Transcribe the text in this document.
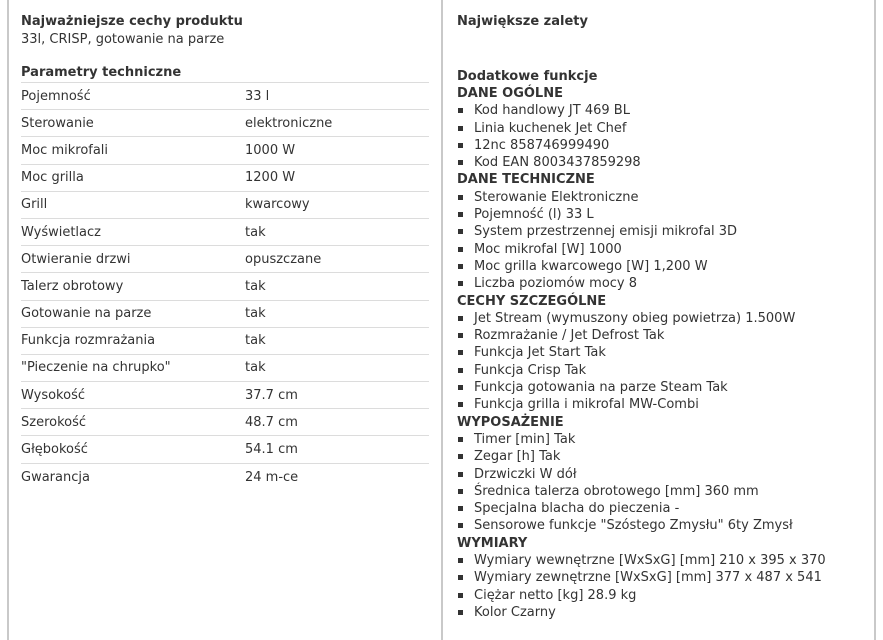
Najważniejsze cechy produktu
33l, CRISP, gotowanie na parze
Parametry techniczne
Pojemność	33 l
Sterowanie	elektroniczne
Moc mikrofali	1000 W
Moc grilla	1200 W
Grill	kwarcowy
Wyświetlacz	tak
Otwieranie drzwi	opuszczane
Talerz obrotowy	tak
Gotowanie na parze	tak
Funkcja rozmrażania	tak
"Pieczenie na chrupko"	tak
Wysokość	37.7 cm
Szerokość	48.7 cm
Głębokość	54.1 cm
Gwarancja	24 m-ce
Największe zalety
Dodatkowe funkcje
DANE OGÓLNE
Kod handlowy JT 469 BL
Linia kuchenek Jet Chef
12nc 858746999490
Kod EAN 8003437859298
DANE TECHNICZNE
Sterowanie Elektroniczne
Pojemność (l) 33 L
System przestrzennej emisji mikrofal 3D
Moc mikrofal [W] 1000
Moc grilla kwarcowego [W] 1,200 W
Liczba poziomów mocy 8
CECHY SZCZEGÓLNE
Jet Stream (wymuszony obieg powietrza) 1.500W
Rozmrażanie / Jet Defrost Tak
Funkcja Jet Start Tak
Funkcja Crisp Tak
Funkcja gotowania na parze Steam Tak
Funkcja grilla i mikrofal MW-Combi
WYPOSAŻENIE
Timer [min] Tak
Zegar [h] Tak
Drzwiczki W dół
Średnica talerza obrotowego [mm] 360 mm
Specjalna blacha do pieczenia -
Sensorowe funkcje "Szóstego Zmysłu" 6ty Zmysł
WYMIARY
Wymiary wewnętrzne [WxSxG] [mm] 210 x 395 x 370
Wymiary zewnętrzne [WxSxG] [mm] 377 x 487 x 541
Ciężar netto [kg] 28.9 kg
Kolor Czarny
